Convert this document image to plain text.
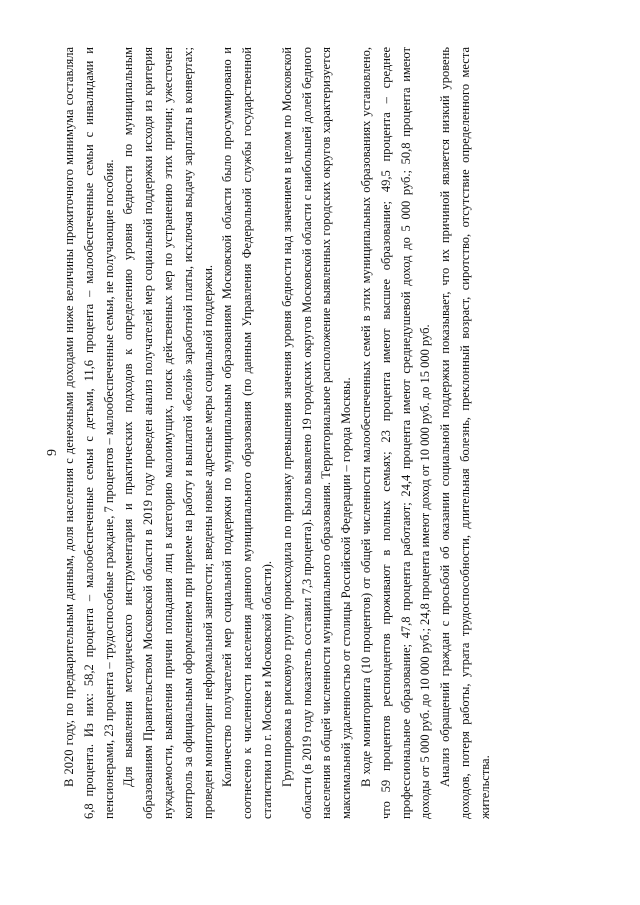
9 В 2020 году, по предварительным данным, доля населения с денежными доходами ниже величины прожиточного минимума составляла 6,8 процента. Из них: 58,2 процента – малообеспеченные семьи с детьми, 11,6 процента – малообеспеченные семьи с инвалидами и пенсионерами, 23 процента – трудоспособные граждане, 7 процентов – малообеспеченные семьи, не получающие пособия. Для выявления методического инструментария и практических подходов к определению уровня бедности по муниципальным образованиям Правительством Московской области в 2019 году проведен анализ получателей мер социальной поддержки исходя из критерия нуждаемости, выявления причин попадания лиц в категорию малоимущих, поиск действенных мер по устранению этих причин; ужесточен контроль за официальным оформлением при приеме на работу и выплатой «белой» заработной платы, исключая выдачу зарплаты в конвертах; проведен мониторинг неформальной занятости; введены новые адресные меры социальной поддержки. Количество получателей мер социальной поддержки по муниципальным образованиям Московской области было просуммировано и соотнесено к численности населения данного муниципального образования (по данным Управления Федеральной службы государственной статистики по г. Москве и Московской области). Группировка в рисковую группу происходила по признаку превышения значения уровня бедности над значением в целом по Московской области (в 2019 году показатель составил 7,3 процента). Было выявлено 19 городских округов Московской области с наибольшей долей бедного населения в общей численности муниципального образования. Территориальное расположение выявленных городских округов характеризуется максимальной удаленностью от столицы Российской Федерации – города Москвы. В ходе мониторинга (10 процентов) от общей численности малообеспеченных семей в этих муниципальных образованиях установлено, что 59 процентов респондентов проживают в полных семьях; 23 процента имеют высшее образование; 49,5 процента – среднее профессиональное образование; 47,8 процента работают; 24,4 процента имеют среднедушевой доход до 5 000 руб.; 50,8 процента имеют доходы от 5 000 руб. до 10 000 руб.; 24,8 процента имеют доход от 10 000 руб. до 15 000 руб. Анализ обращений граждан с просьбой об оказании социальной поддержки показывает, что их причиной является низкий уровень доходов, потеря работы, утрата трудоспособности, длительная болезнь, преклонный возраст, сиротство, отсутствие определенного места жительства.
